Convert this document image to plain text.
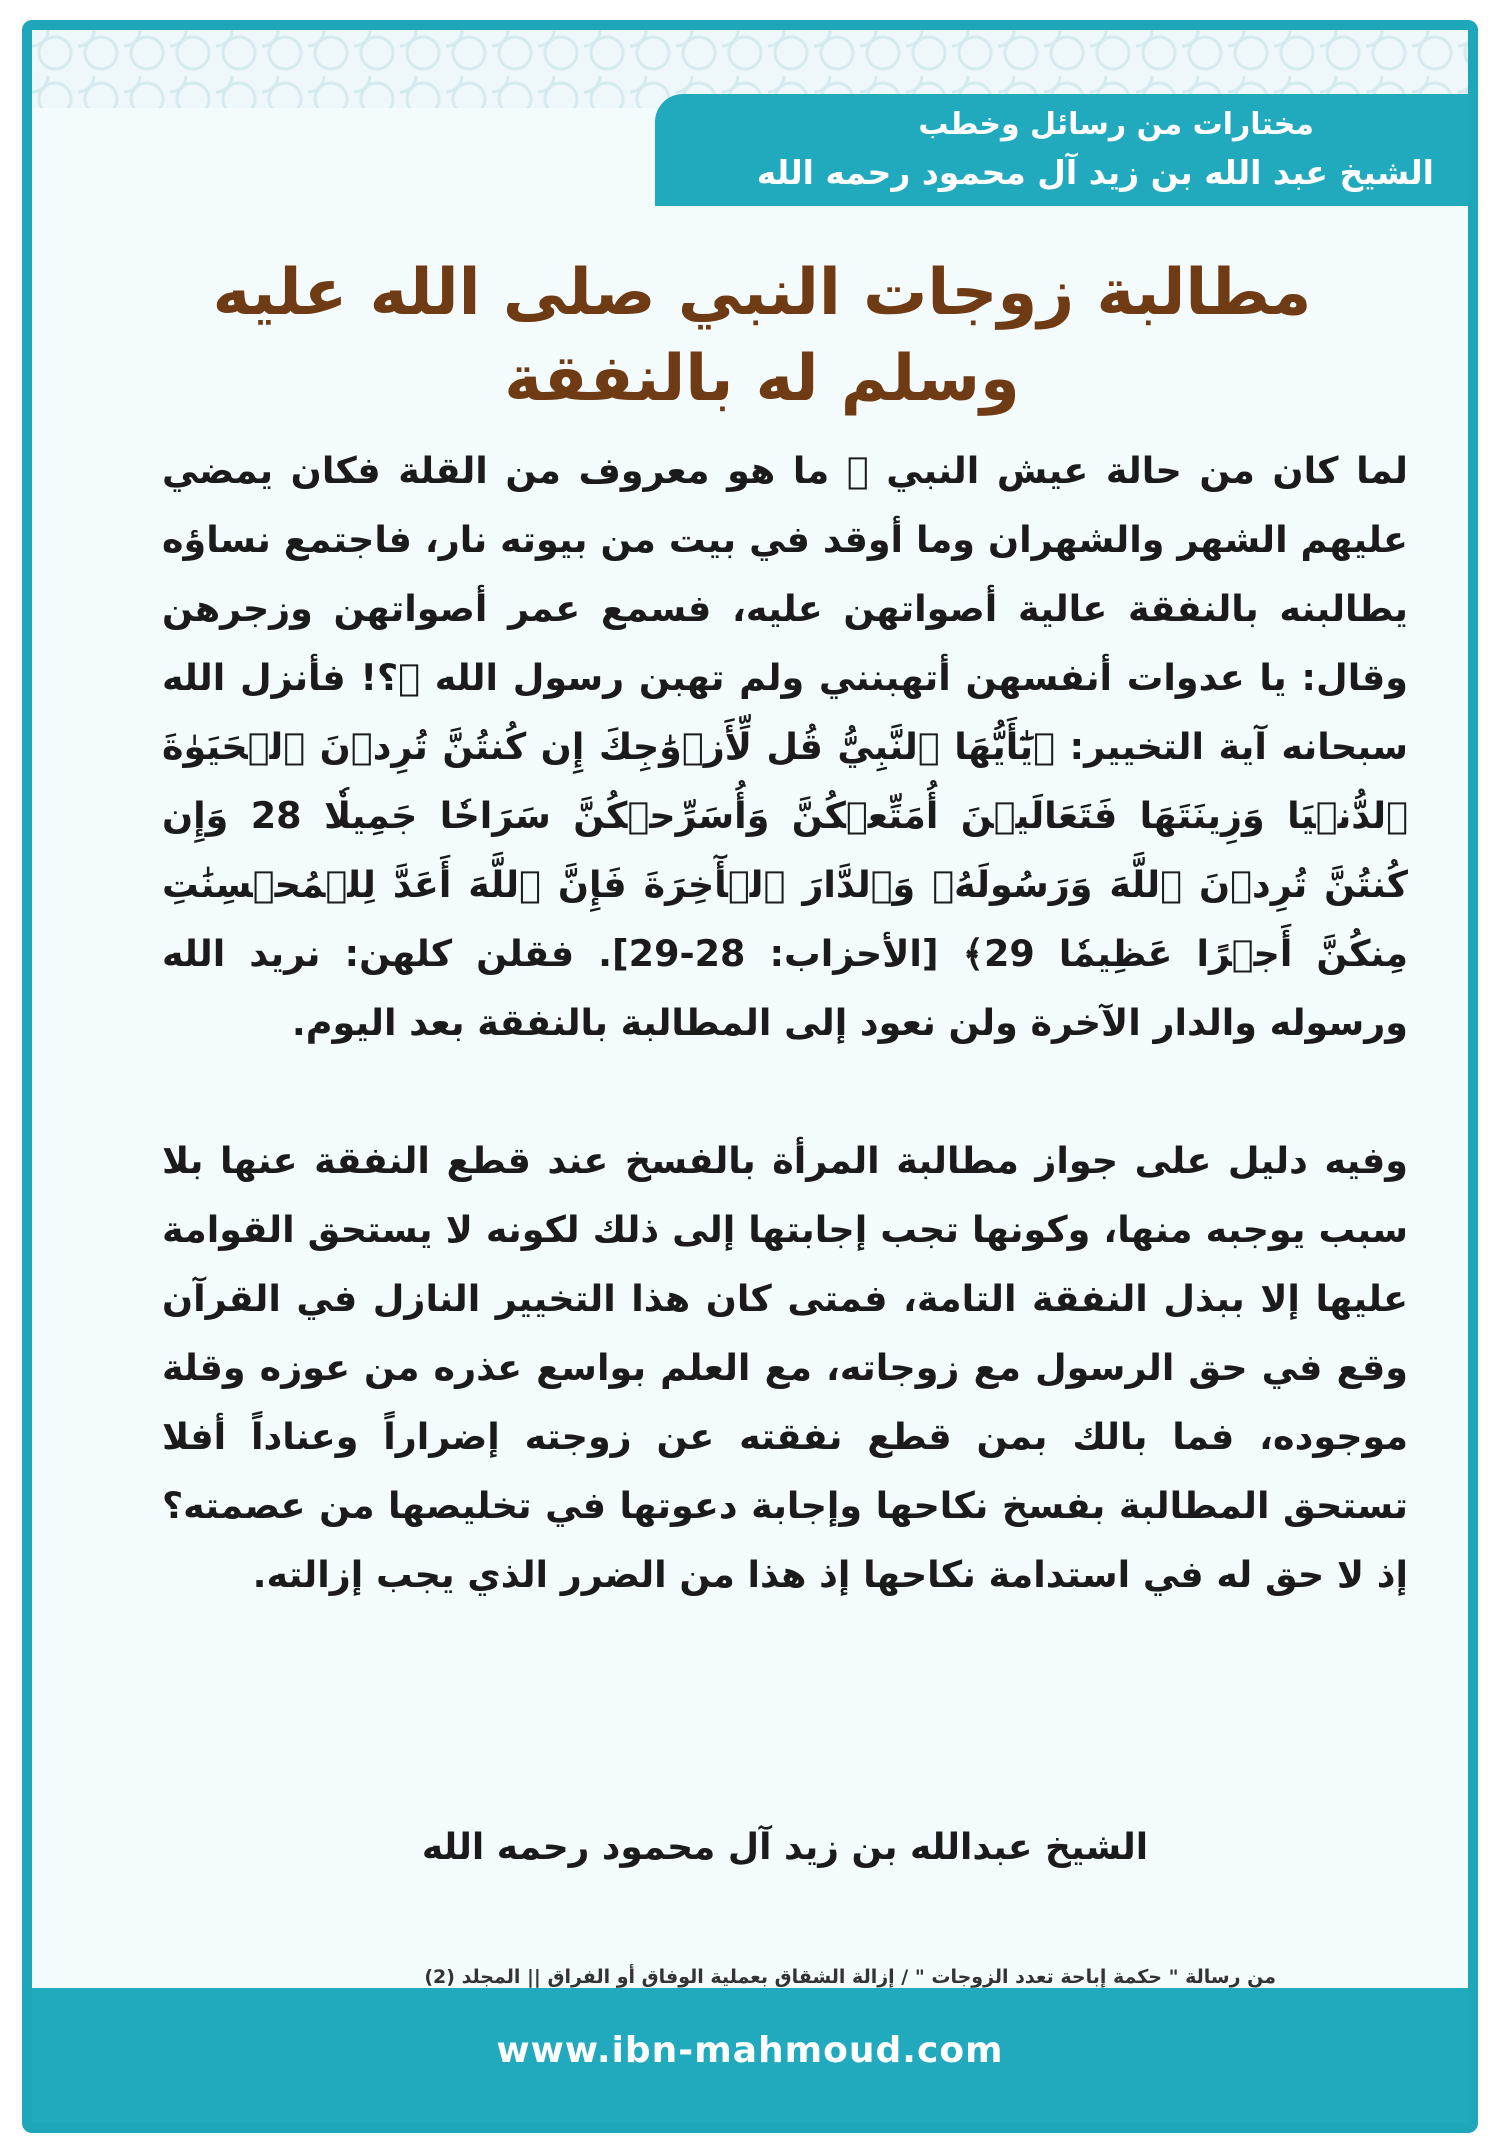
مختارات من رسائل وخطب
الشيخ عبد الله بن زيد آل محمود رحمه الله
مطالبة زوجات النبي صلى الله عليه وسلم له بالنفقة

لما كان من حالة عيش النبي ﷺ ما هو معروف من القلة فكان يمضي عليهم الشهر والشهران وما أوقد في بيت من بيوته نار، فاجتمع نساؤه يطالبنه بالنفقة عالية أصواتهن عليه، فسمع عمر أصواتهن وزجرهن وقال: يا عدوات أنفسهن أتهبنني ولم تهبن رسول الله ﷺ؟! فأنزل الله سبحانه آية التخيير: ﴿يَٰٓأَيُّهَا ٱلنَّبِيُّ قُل لِّأَزۡوَٰجِكَ إِن كُنتُنَّ تُرِدۡنَ ٱلۡحَيَوٰةَ ٱلدُّنۡيَا وَزِينَتَهَا فَتَعَالَيۡنَ أُمَتِّعۡكُنَّ وَأُسَرِّحۡكُنَّ سَرَاحٗا جَمِيلٗا 28 وَإِن كُنتُنَّ تُرِدۡنَ ٱللَّهَ وَرَسُولَهُۥ وَٱلدَّارَ ٱلۡأٓخِرَةَ فَإِنَّ ٱللَّهَ أَعَدَّ لِلۡمُحۡسِنَٰتِ مِنكُنَّ أَجۡرًا عَظِيمٗا 29﴾ [الأحزاب: 28-29]. فقلن كلهن: نريد الله ورسوله والدار الآخرة ولن نعود إلى المطالبة بالنفقة بعد اليوم.

وفيه دليل على جواز مطالبة المرأة بالفسخ عند قطع النفقة عنها بلا سبب يوجبه منها، وكونها تجب إجابتها إلى ذلك لكونه لا يستحق القوامة عليها إلا ببذل النفقة التامة، فمتى كان هذا التخيير النازل في القرآن وقع في حق الرسول مع زوجاته، مع العلم بواسع عذره من عوزه وقلة موجوده، فما بالك بمن قطع نفقته عن زوجته إضراراً وعناداً أفلا تستحق المطالبة بفسخ نكاحها وإجابة دعوتها في تخليصها من عصمته؟ إذ لا حق له في استدامة نكاحها إذ هذا من الضرر الذي يجب إزالته.

الشيخ عبدالله بن زيد آل محمود رحمه الله
من رسالة " حكمة إباحة تعدد الزوجات " / إزالة الشقاق بعملية الوفاق أو الفراق || المجلد (2)
www.ibn-mahmoud.com
